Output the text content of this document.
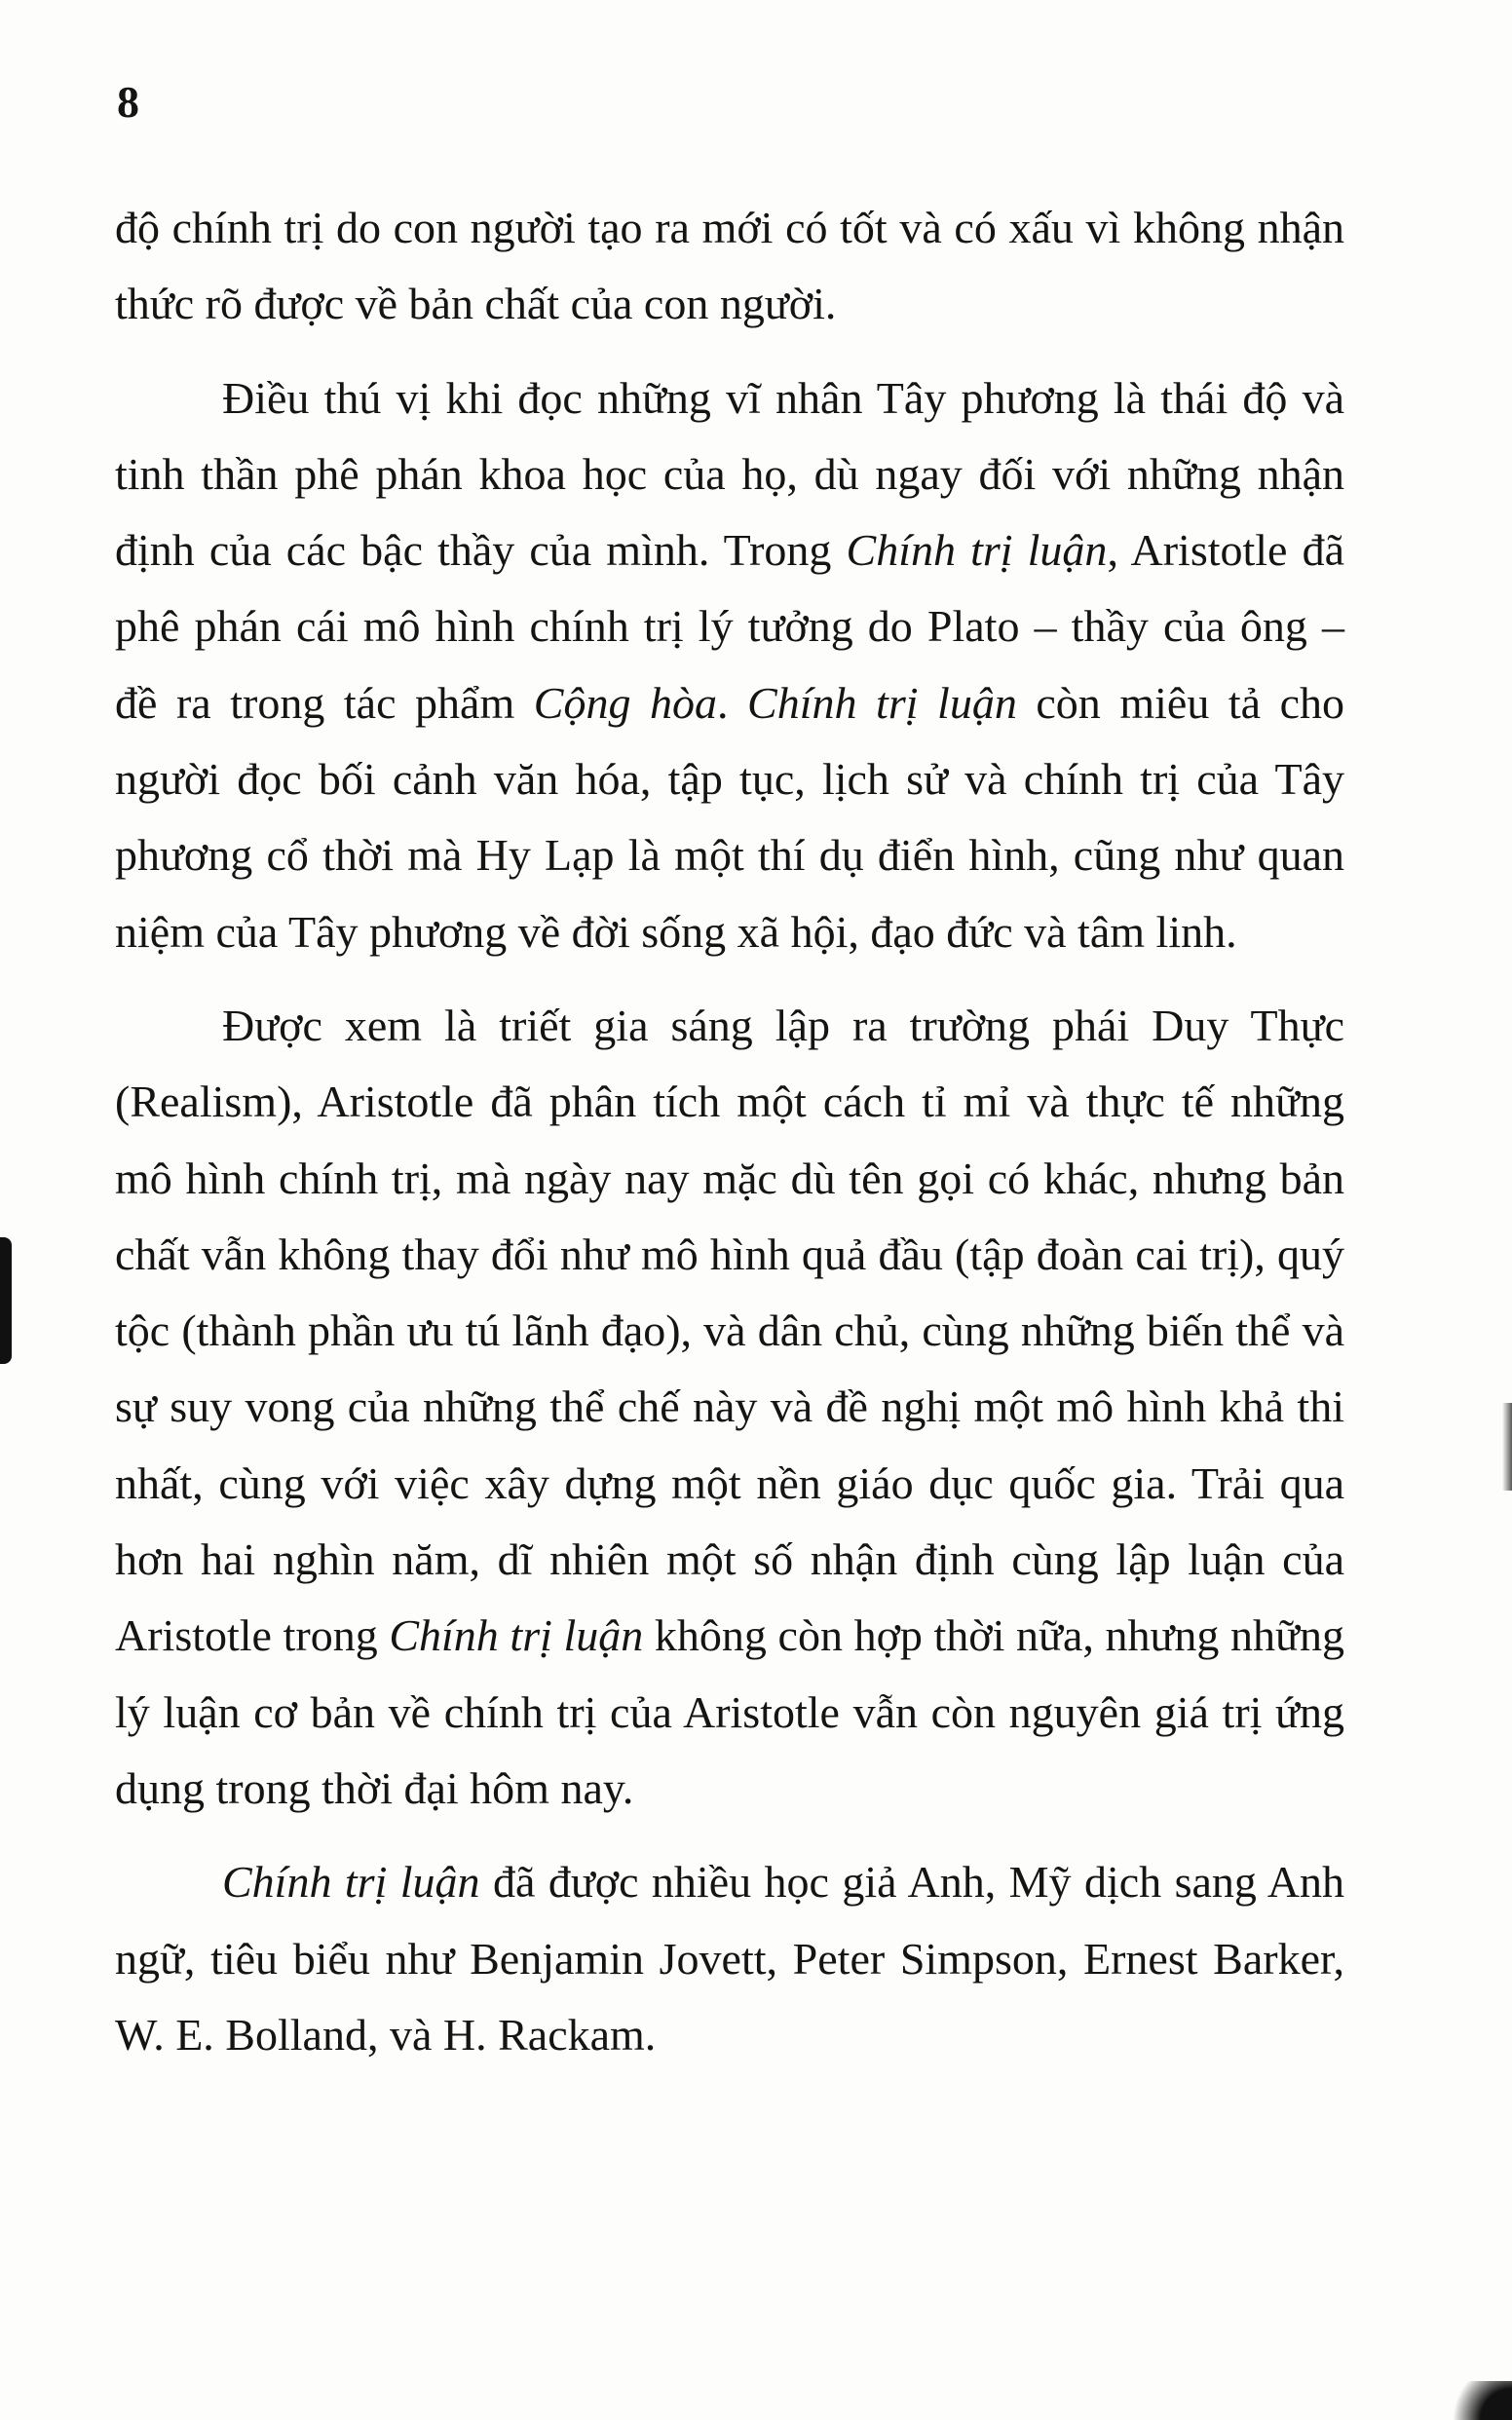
8

độ chính trị do con người tạo ra mới có tốt và có xấu vì không nhận thức rõ được về bản chất của con người.

Điều thú vị khi đọc những vĩ nhân Tây phương là thái độ và tinh thần phê phán khoa học của họ, dù ngay đối với những nhận định của các bậc thầy của mình. Trong Chính trị luận, Aristotle đã phê phán cái mô hình chính trị lý tưởng do Plato – thầy của ông – đề ra trong tác phẩm Cộng hòa. Chính trị luận còn miêu tả cho người đọc bối cảnh văn hóa, tập tục, lịch sử và chính trị của Tây phương cổ thời mà Hy Lạp là một thí dụ điển hình, cũng như quan niệm của Tây phương về đời sống xã hội, đạo đức và tâm linh.

Được xem là triết gia sáng lập ra trường phái Duy Thực (Realism), Aristotle đã phân tích một cách tỉ mỉ và thực tế những mô hình chính trị, mà ngày nay mặc dù tên gọi có khác, nhưng bản chất vẫn không thay đổi như mô hình quả đầu (tập đoàn cai trị), quý tộc (thành phần ưu tú lãnh đạo), và dân chủ, cùng những biến thể và sự suy vong của những thể chế này và đề nghị một mô hình khả thi nhất, cùng với việc xây dựng một nền giáo dục quốc gia. Trải qua hơn hai nghìn năm, dĩ nhiên một số nhận định cùng lập luận của Aristotle trong Chính trị luận không còn hợp thời nữa, nhưng những lý luận cơ bản về chính trị của Aristotle vẫn còn nguyên giá trị ứng dụng trong thời đại hôm nay.

Chính trị luận đã được nhiều học giả Anh, Mỹ dịch sang Anh ngữ, tiêu biểu như Benjamin Jovett, Peter Simpson, Ernest Barker, W. E. Bolland, và H. Rackam.
